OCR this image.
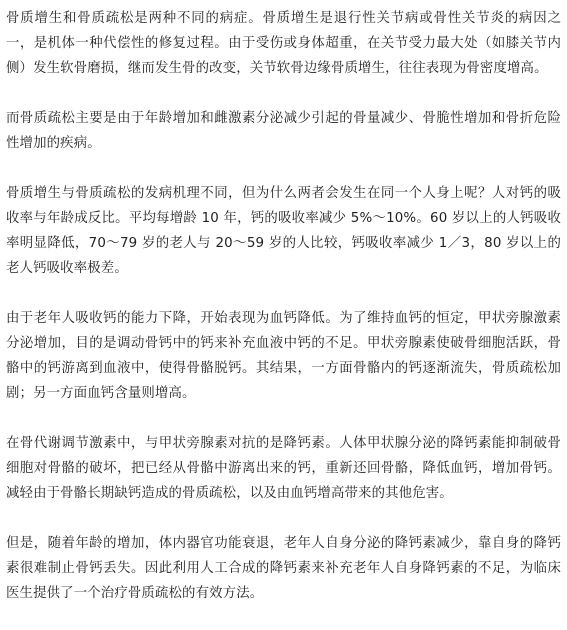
骨质增生和骨质疏松是两种不同的病症。骨质增生是退行性关节病或骨性关节炎的病因之一，是机体一种代偿性的修复过程。由于受伤或身体超重，在关节受力最大处（如膝关节内侧）发生软骨磨损，继而发生骨的改变，关节软骨边缘骨质增生，往往表现为骨密度增高。

而骨质疏松主要是由于年龄增加和雌激素分泌减少引起的骨量减少、骨脆性增加和骨折危险性增加的疾病。

骨质增生与骨质疏松的发病机理不同，但为什么两者会发生在同一个人身上呢？人对钙的吸收率与年龄成反比。平均每增龄 10 年，钙的吸收率减少 5%～10%。60 岁以上的人钙吸收率明显降低，70～79 岁的老人与 20～59 岁的人比较，钙吸收率减少 1／3，80 岁以上的老人钙吸收率极差。

由于老年人吸收钙的能力下降，开始表现为血钙降低。为了维持血钙的恒定，甲状旁腺激素分泌增加，目的是调动骨钙中的钙来补充血液中钙的不足。甲状旁腺素使破骨细胞活跃，骨骼中的钙游离到血液中，使得骨骼脱钙。其结果，一方面骨骼内的钙逐渐流失，骨质疏松加剧；另一方面血钙含量则增高。

在骨代谢调节激素中，与甲状旁腺素对抗的是降钙素。人体甲状腺分泌的降钙素能抑制破骨细胞对骨骼的破坏，把已经从骨骼中游离出来的钙，重新还回骨骼，降低血钙，增加骨钙。减轻由于骨骼长期缺钙造成的骨质疏松，以及由血钙增高带来的其他危害。

但是，随着年龄的增加，体内器官功能衰退，老年人自身分泌的降钙素减少，靠自身的降钙素很难制止骨钙丢失。因此利用人工合成的降钙素来补充老年人自身降钙素的不足，为临床医生提供了一个治疗骨质疏松的有效方法。
